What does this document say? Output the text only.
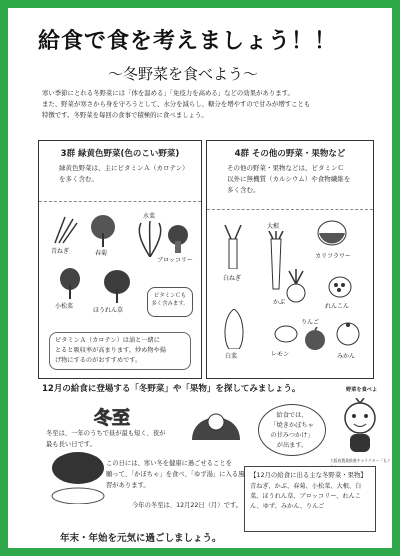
給食で食を考えましょう！！
～冬野菜を食べよう～

寒い季節にとれる冬野菜には「体を温める」「免疫力を高める」などの効果があります。

また、野菜が寒さから身を守ろうとして、水分を減らし、糖分を増やすので甘みが増すことも

特徴です。冬野菜を毎回の食事で積極的に食べましょう。

3群 緑黄色野菜(色のこい野菜)
緑黄色野菜は、主にビタミンＡ（カロテン）
を多く含む。
青ねぎ	春菊
水菜
ブロッコリー
小松菜
ほうれん草
ビタミンＣも
多く含みます。
ビタミンＡ（カロテン）は油と一緒に
とると吸収率が高まります。炒め物や揚
げ物にするのがおすすめです。
4群 その他の野菜・果物など
その他の野菜・果物などは、ビタミンＣ
以外に無機質（カルシウム）や食物繊維を
多く含む。
白ねぎ
大根
カリフラワー
かぶ
れんこん
白菜	レモン
りんご
みかん
12月の給食に登場する「冬野菜」や「果物」を探してみましょう。
冬至
冬至は、一年のうちで昼が最も短く、夜が
最も長い日です。
この日には、寒い冬を健康に過ごせることを
願って、「かぼちゃ」を食べ、「ゆず湯」に入る風
習があります。
今年の冬至は、12月22日（月）です。
給食では、
「焼きかぼちゃ
の甘みつかけ」
が出ます。
野菜を食べよ
大阪府農業推進キャラクター「もぐ
【12月の給食に出る主な冬野菜・果物】
青ねぎ、かぶ、春菊、小松菜、大根、白
菜、ほうれん草、ブロッコリー、れんこ
ん、ゆず、みかん、りんご
年末・年始を元気に過ごしましょう。
